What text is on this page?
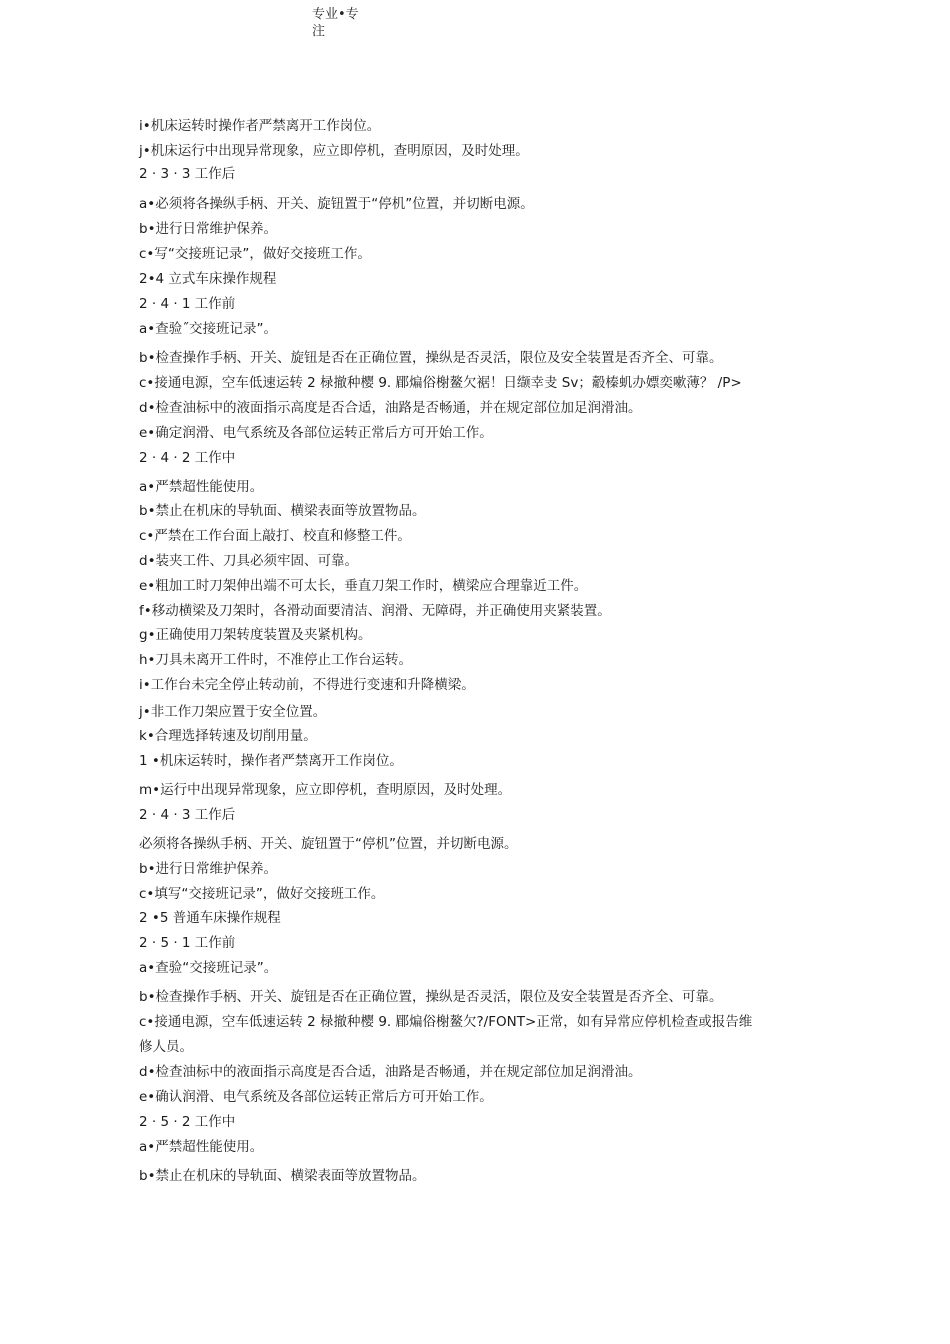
专业•专
注
i•机床运转时操作者严禁离开工作岗位。
j•机床运行中出现异常现象，应立即停机，查明原因，及时处理。
2 · 3 · 3 工作后
a•必须将各操纵手柄、开关、旋钮置于“停机”位置，并切断电源。
b•进行日常维护保养。
c•写“交接班记录”，做好交接班工作。
2•4 立式车床操作规程
2 · 4 · 1 工作前
a•查验˝交接班记录”。
b•检查操作手柄、开关、旋钮是否在正确位置，操纵是否灵活，限位及安全装置是否齐全、可靠。
c•接通电源，空车低速运转 2 椂撤种樱 9. 郿煸俗榭鳌欠裾！日缬幸叏 Sv；觳榛虮办嫖奕嗽薄？ /P>
d•检查油标中的液面指示高度是否合适，油路是否畅通，并在规定部位加足润滑油。
e•确定润滑、电气系统及各部位运转正常后方可开始工作。
2 · 4 · 2 工作中
a•严禁超性能使用。
b•禁止在机床的导轨面、横梁表面等放置物品。
c•严禁在工作台面上敲打、校直和修整工件。
d•装夹工件、刀具必须牢固、可靠。
e•粗加工时刀架伸出端不可太长，垂直刀架工作时，横梁应合理靠近工件。
f•移动横梁及刀架时，各滑动面要清洁、润滑、无障碍，并正确使用夹紧装置。
g•正确使用刀架转度装置及夹紧机构。
h•刀具未离开工件时，不准停止工作台运转。
i•工作台未完全停止转动前，不得进行变速和升降横梁。
j•非工作刀架应置于安全位置。
k•合理选择转速及切削用量。
1 •机床运转时，操作者严禁离开工作岗位。
m•运行中出现异常现象，应立即停机，查明原因，及时处理。
2 · 4 · 3 工作后
必须将各操纵手柄、开关、旋钮置于“停机”位置，并切断电源。
b•进行日常维护保养。
c•填写“交接班记录”，做好交接班工作。
2 •5 普通车床操作规程
2 · 5 · 1 工作前
a•查验“交接班记录”。
b•检查操作手柄、开关、旋钮是否在正确位置，操纵是否灵活，限位及安全装置是否齐全、可靠。
c•接通电源，空车低速运转 2 椂撤种樱 9. 郿煸俗榭鳌欠?/FONT>正常，如有异常应停机检查或报告维
修人员。
d•检查油标中的液面指示高度是否合适，油路是否畅通，并在规定部位加足润滑油。
e•确认润滑、电气系统及各部位运转正常后方可开始工作。
2 · 5 · 2 工作中
a•严禁超性能使用。
b•禁止在机床的导轨面、横梁表面等放置物品。
